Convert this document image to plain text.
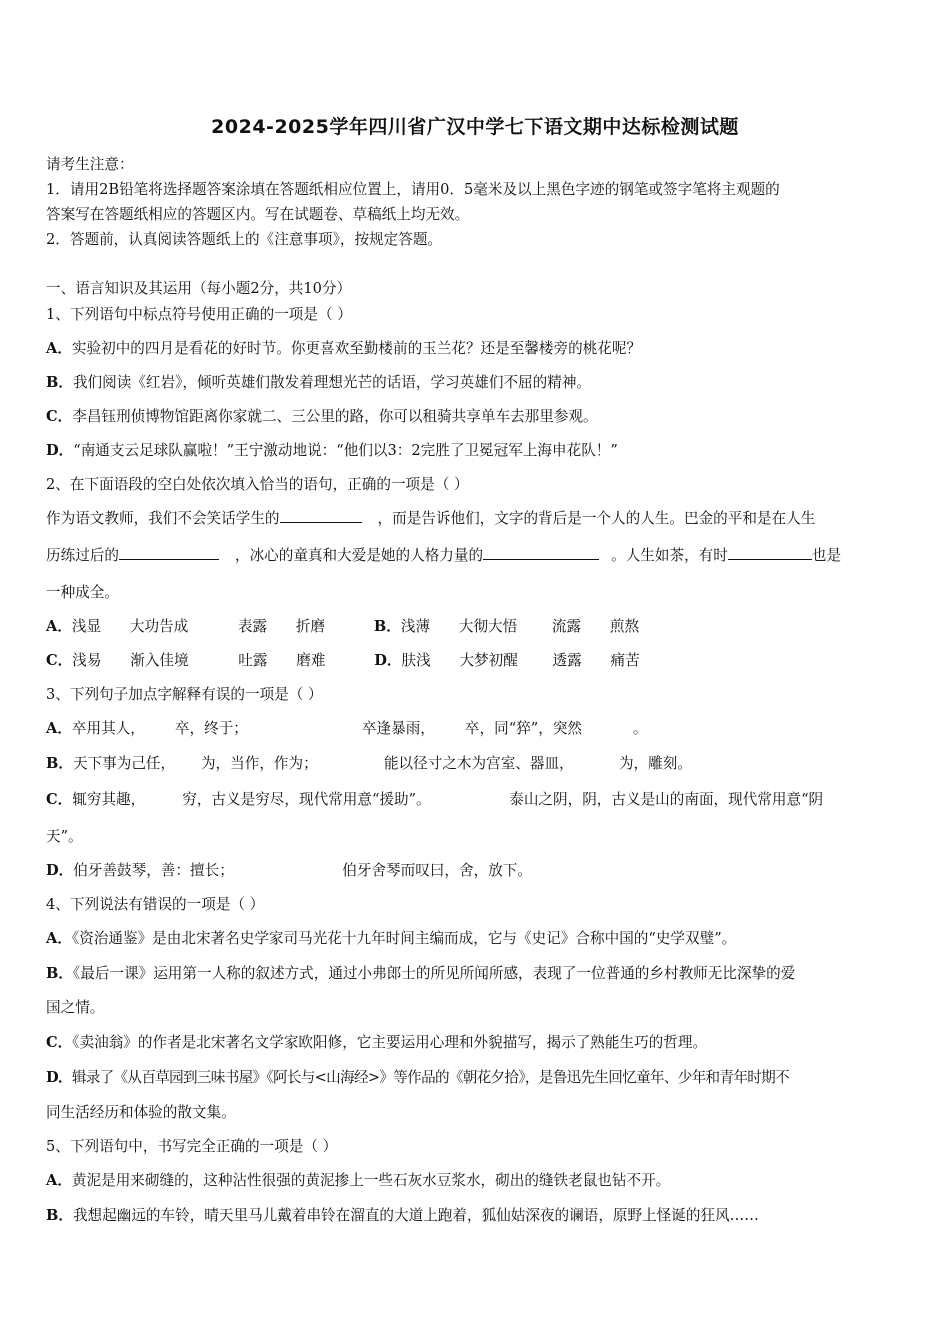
2024-2025学年四川省广汉中学七下语文期中达标检测试题
请考生注意：
1．请用2B铅笔将选择题答案涂填在答题纸相应位置上，请用0．5毫米及以上黑色字迹的钢笔或签字笔将主观题的
答案写在答题纸相应的答题区内。写在试题卷、草稿纸上均无效。
2．答题前，认真阅读答题纸上的《注意事项》，按规定答题。
一、语言知识及其运用（每小题2分，共10分）
1、下列语句中标点符号使用正确的一项是（ ）
A．实验初中的四月是看花的好时节。你更喜欢至勤楼前的玉兰花？还是至馨楼旁的桃花呢？
B．我们阅读《红岩》，倾听英雄们散发着理想光芒的话语，学习英雄们不屈的精神。
C．李昌钰刑侦博物馆距离你家就二、三公里的路，你可以租骑共享单车去那里参观。
D．“南通支云足球队赢啦！”王宁激动地说：“他们以3：2完胜了卫冕冠军上海申花队！”
2、在下面语段的空白处依次填入恰当的语句，正确的一项是（ ）
作为语文教师，我们不会笑话学生的	，而是告诉他们，文字的背后是一个人的人生。巴金的平和是在人生
历练过后的	，冰心的童真和大爱是她的人格力量的	。人生如茶，有时	也是
一种成全。
A．浅显 大功告成	表露 折磨	B．浅薄 大彻大悟 流露 煎熬
C．浅易 渐入佳境	吐露 磨难	D．肤浅 大梦初醒 透露 痛苦
3、下列句子加点字解释有误的一项是（ ）
A．卒用其人， 卒，终于；	卒逢暴雨， 卒，同“猝”，突然	。
B．天下事为己任， 为，当作，作为；	能以径寸之木为宫室、器皿，	为，雕刻。
C．辄穷其趣，	穷，古义是穷尽，现代常用意“援助”。	泰山之阴，阴，古义是山的南面，现代常用意“阴
天”。
D．伯牙善鼓琴，善：擅长；	伯牙舍琴而叹曰，舍，放下。
4、下列说法有错误的一项是（ ）
A．《资治通鉴》是由北宋著名史学家司马光花十九年时间主编而成，它与《史记》合称中国的“史学双璧”。
B．《最后一课》运用第一人称的叙述方式，通过小弗郎士的所见所闻所感，表现了一位普通的乡村教师无比深挚的爱
国之情。
C．《卖油翁》的作者是北宋著名文学家欧阳修，它主要运用心理和外貌描写，揭示了熟能生巧的哲理。
D．辑录了《从百草园到三味书屋》《阿长与<山海经>》等作品的《朝花夕拾》，是鲁迅先生回忆童年、少年和青年时期不
同生活经历和体验的散文集。
5、下列语句中，书写完全正确的一项是（ ）
A．黄泥是用来砌缝的，这种沾性很强的黄泥掺上一些石灰水豆浆水，砌出的缝铁老鼠也钻不开。
B．我想起幽远的车铃，晴天里马儿戴着串铃在溜直的大道上跑着，狐仙姑深夜的谰语，原野上怪诞的狂风……
